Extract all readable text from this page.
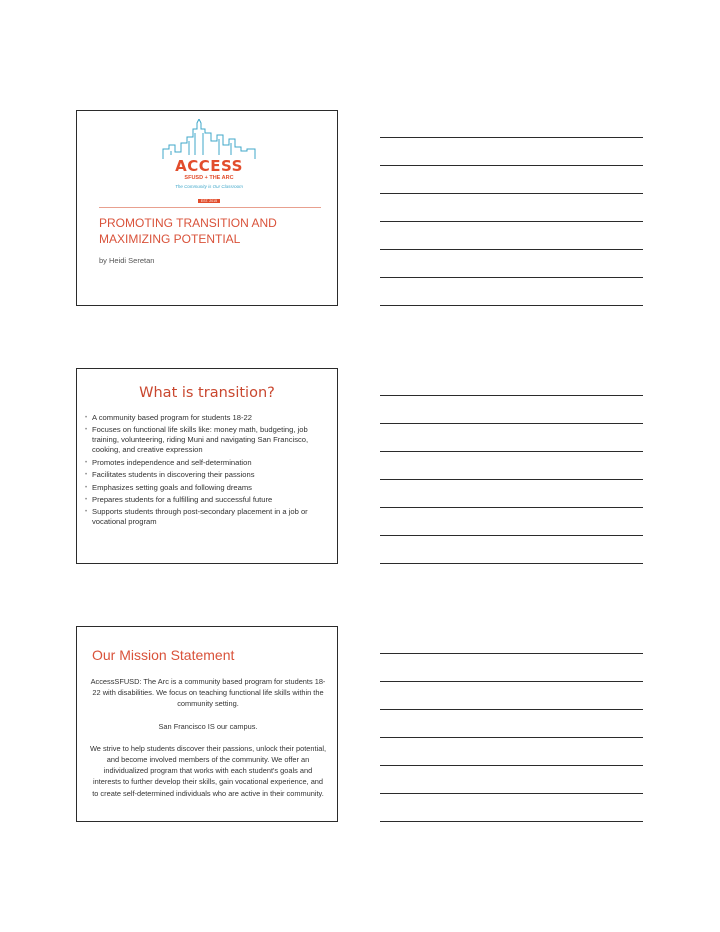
ACCESS
SFUSD + THE ARC
The Community is Our Classroom
EST. 2015
PROMOTING TRANSITION AND MAXIMIZING POTENTIAL
by Heidi Seretan
What is transition?
• A community based program for students 18-22
• Focuses on functional life skills like: money math, budgeting, job training, volunteering, riding Muni and navigating San Francisco, cooking, and creative expression
• Promotes independence and self-determination
• Facilitates students in discovering their passions
• Emphasizes setting goals and following dreams
• Prepares students for a fulfilling and successful future
• Supports students through post-secondary placement in a job or vocational program
Our Mission Statement

AccessSFUSD: The Arc is a community based program for students 18-22 with disabilities. We focus on teaching functional life skills within the community setting.

San Francisco IS our campus.

We strive to help students discover their passions, unlock their potential, and become involved members of the community. We offer an individualized program that works with each student's goals and interests to further develop their skills, gain vocational experience, and to create self-determined individuals who are active in their community.
